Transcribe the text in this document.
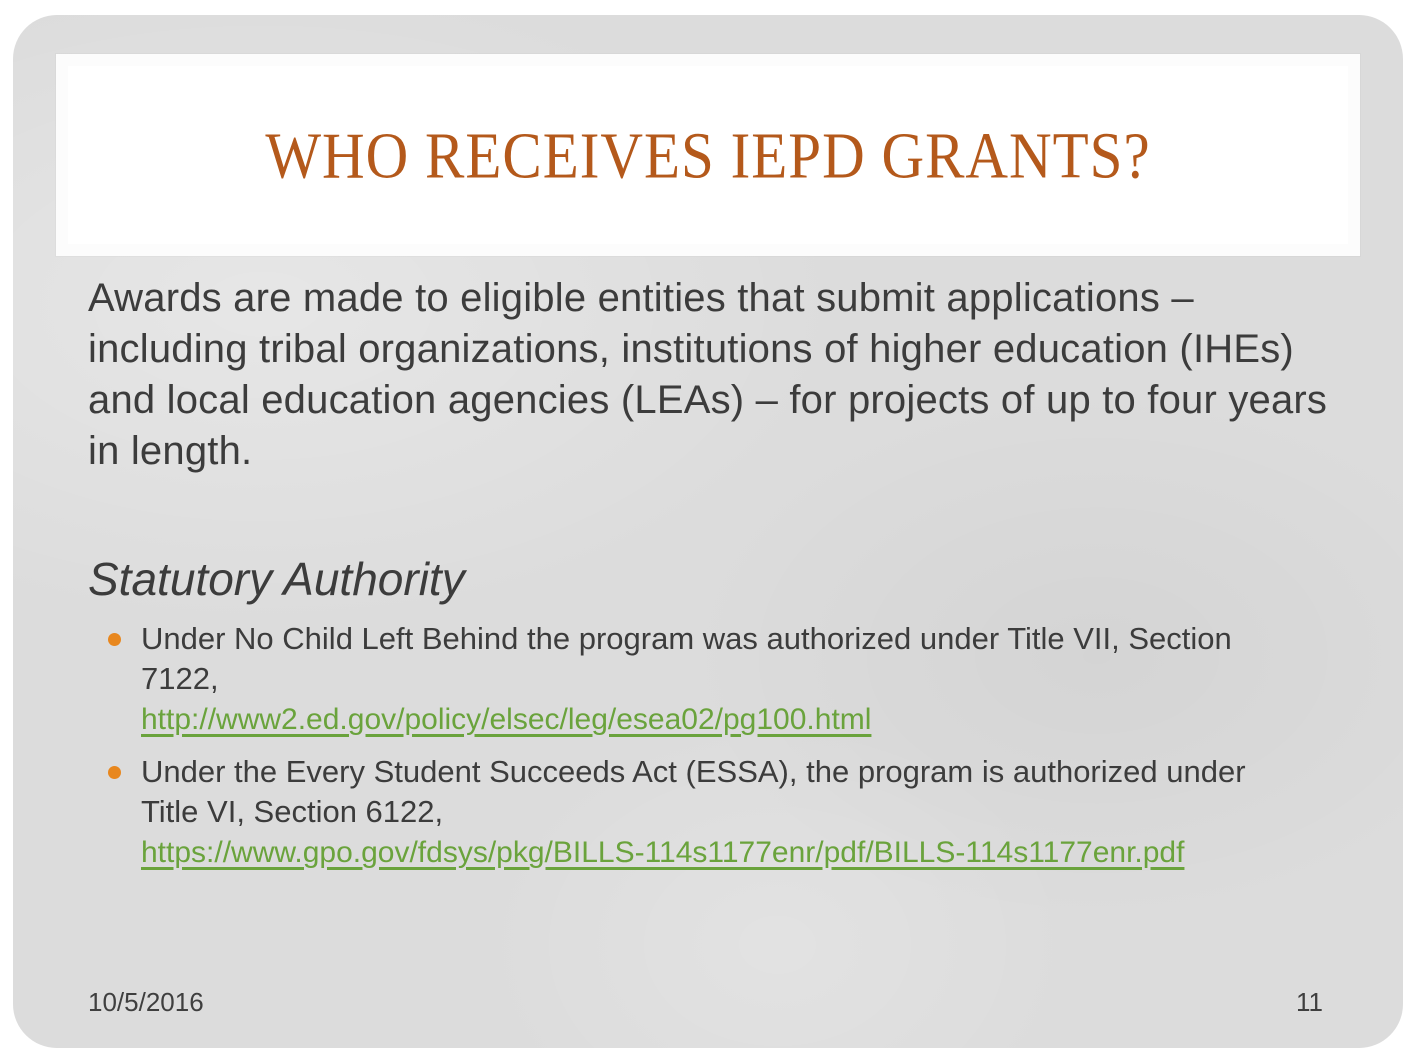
WHO RECEIVES IEPD GRANTS?

Awards are made to eligible entities that submit applications – including tribal organizations, institutions of higher education (IHEs) and local education agencies (LEAs) – for projects of up to four years in length.

Statutory Authority
Under No Child Left Behind the program was authorized under Title VII, Section 7122,
http://www2.ed.gov/policy/elsec/leg/esea02/pg100.html
Under the Every Student Succeeds Act (ESSA), the program is authorized under Title VI, Section 6122,
https://www.gpo.gov/fdsys/pkg/BILLS-114s1177enr/pdf/BILLS-114s1177enr.pdf
10/5/2016	11
